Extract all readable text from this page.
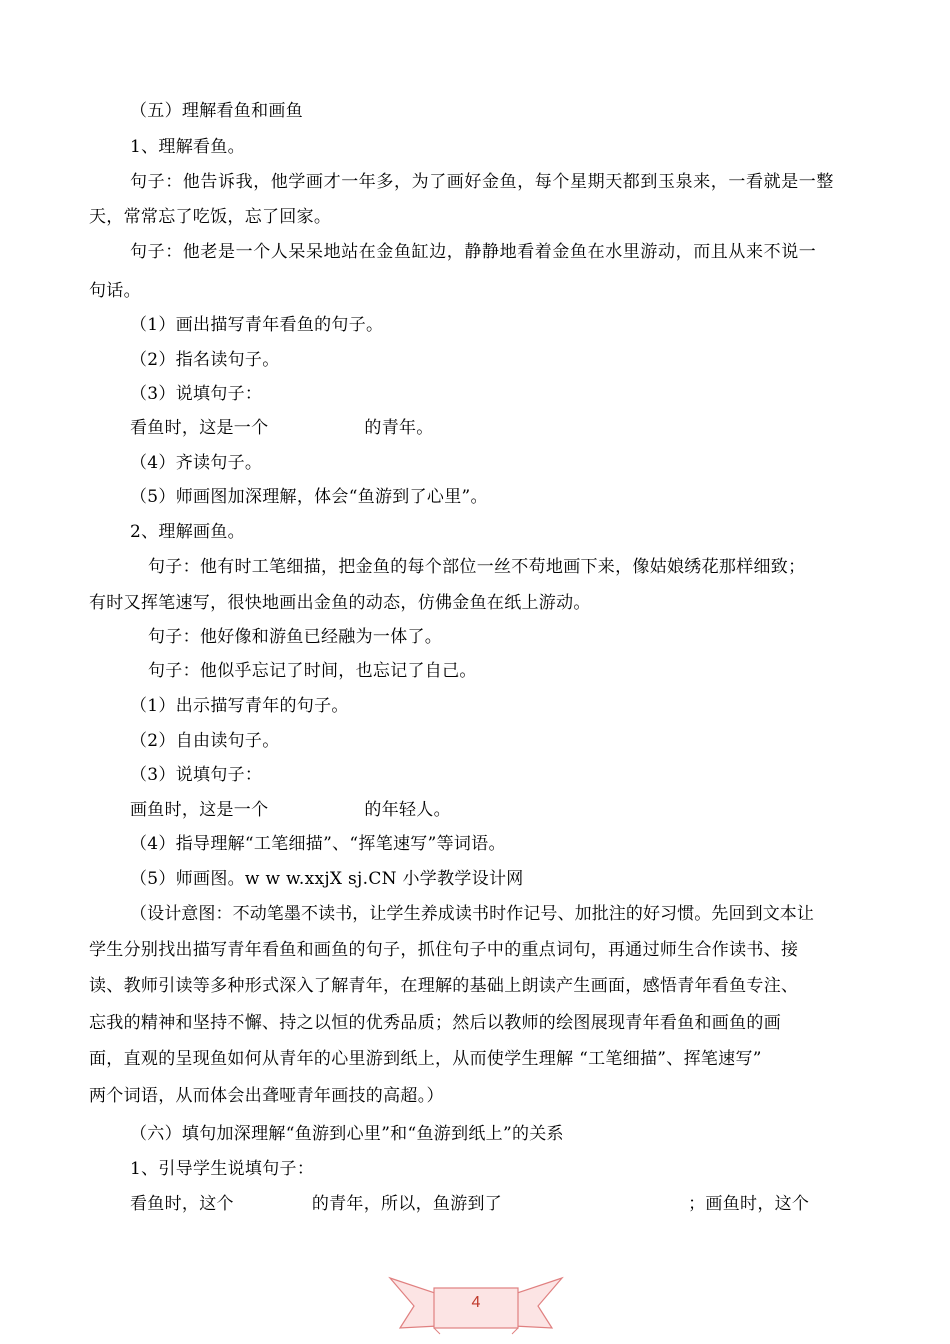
（五）理解看鱼和画鱼
1、理解看鱼。
句子：他告诉我，他学画才一年多，为了画好金鱼，每个星期天都到玉泉来，一看就是一整
天，常常忘了吃饭，忘了回家。
句子：他老是一个人呆呆地站在金鱼缸边，静静地看着金鱼在水里游动，而且从来不说一
句话。
（1）画出描写青年看鱼的句子。
（2）指名读句子。
（3）说填句子：
看鱼时，这是一个	的青年。
（4）齐读句子。
（5）师画图加深理解，体会“鱼游到了心里”。
2、理解画鱼。
句子：他有时工笔细描，把金鱼的每个部位一丝不苟地画下来，像姑娘绣花那样细致；
有时又挥笔速写，很快地画出金鱼的动态，仿佛金鱼在纸上游动。
句子：他好像和游鱼已经融为一体了。
句子：他似乎忘记了时间，也忘记了自己。
（1）出示描写青年的句子。
（2）自由读句子。
（3）说填句子：
画鱼时，这是一个	的年轻人。
（4）指导理解“工笔细描”、“挥笔速写”等词语。
（5）师画图。w w w.xxjX sj.CN 小学教学设计网
（设计意图：不动笔墨不读书，让学生养成读书时作记号、加批注的好习惯。先回到文本让
学生分别找出描写青年看鱼和画鱼的句子，抓住句子中的重点词句，再通过师生合作读书、接
读、教师引读等多种形式深入了解青年，在理解的基础上朗读产生画面，感悟青年看鱼专注、
忘我的精神和坚持不懈、持之以恒的优秀品质；然后以教师的绘图展现青年看鱼和画鱼的画
面，直观的呈现鱼如何从青年的心里游到纸上，从而使学生理解 “工笔细描”、挥笔速写”
两个词语，从而体会出聋哑青年画技的高超。）
（六）填句加深理解“鱼游到心里”和“鱼游到纸上”的关系
1、引导学生说填句子：
看鱼时，这个	的青年，所以，鱼游到了	；画鱼时，这个
4
